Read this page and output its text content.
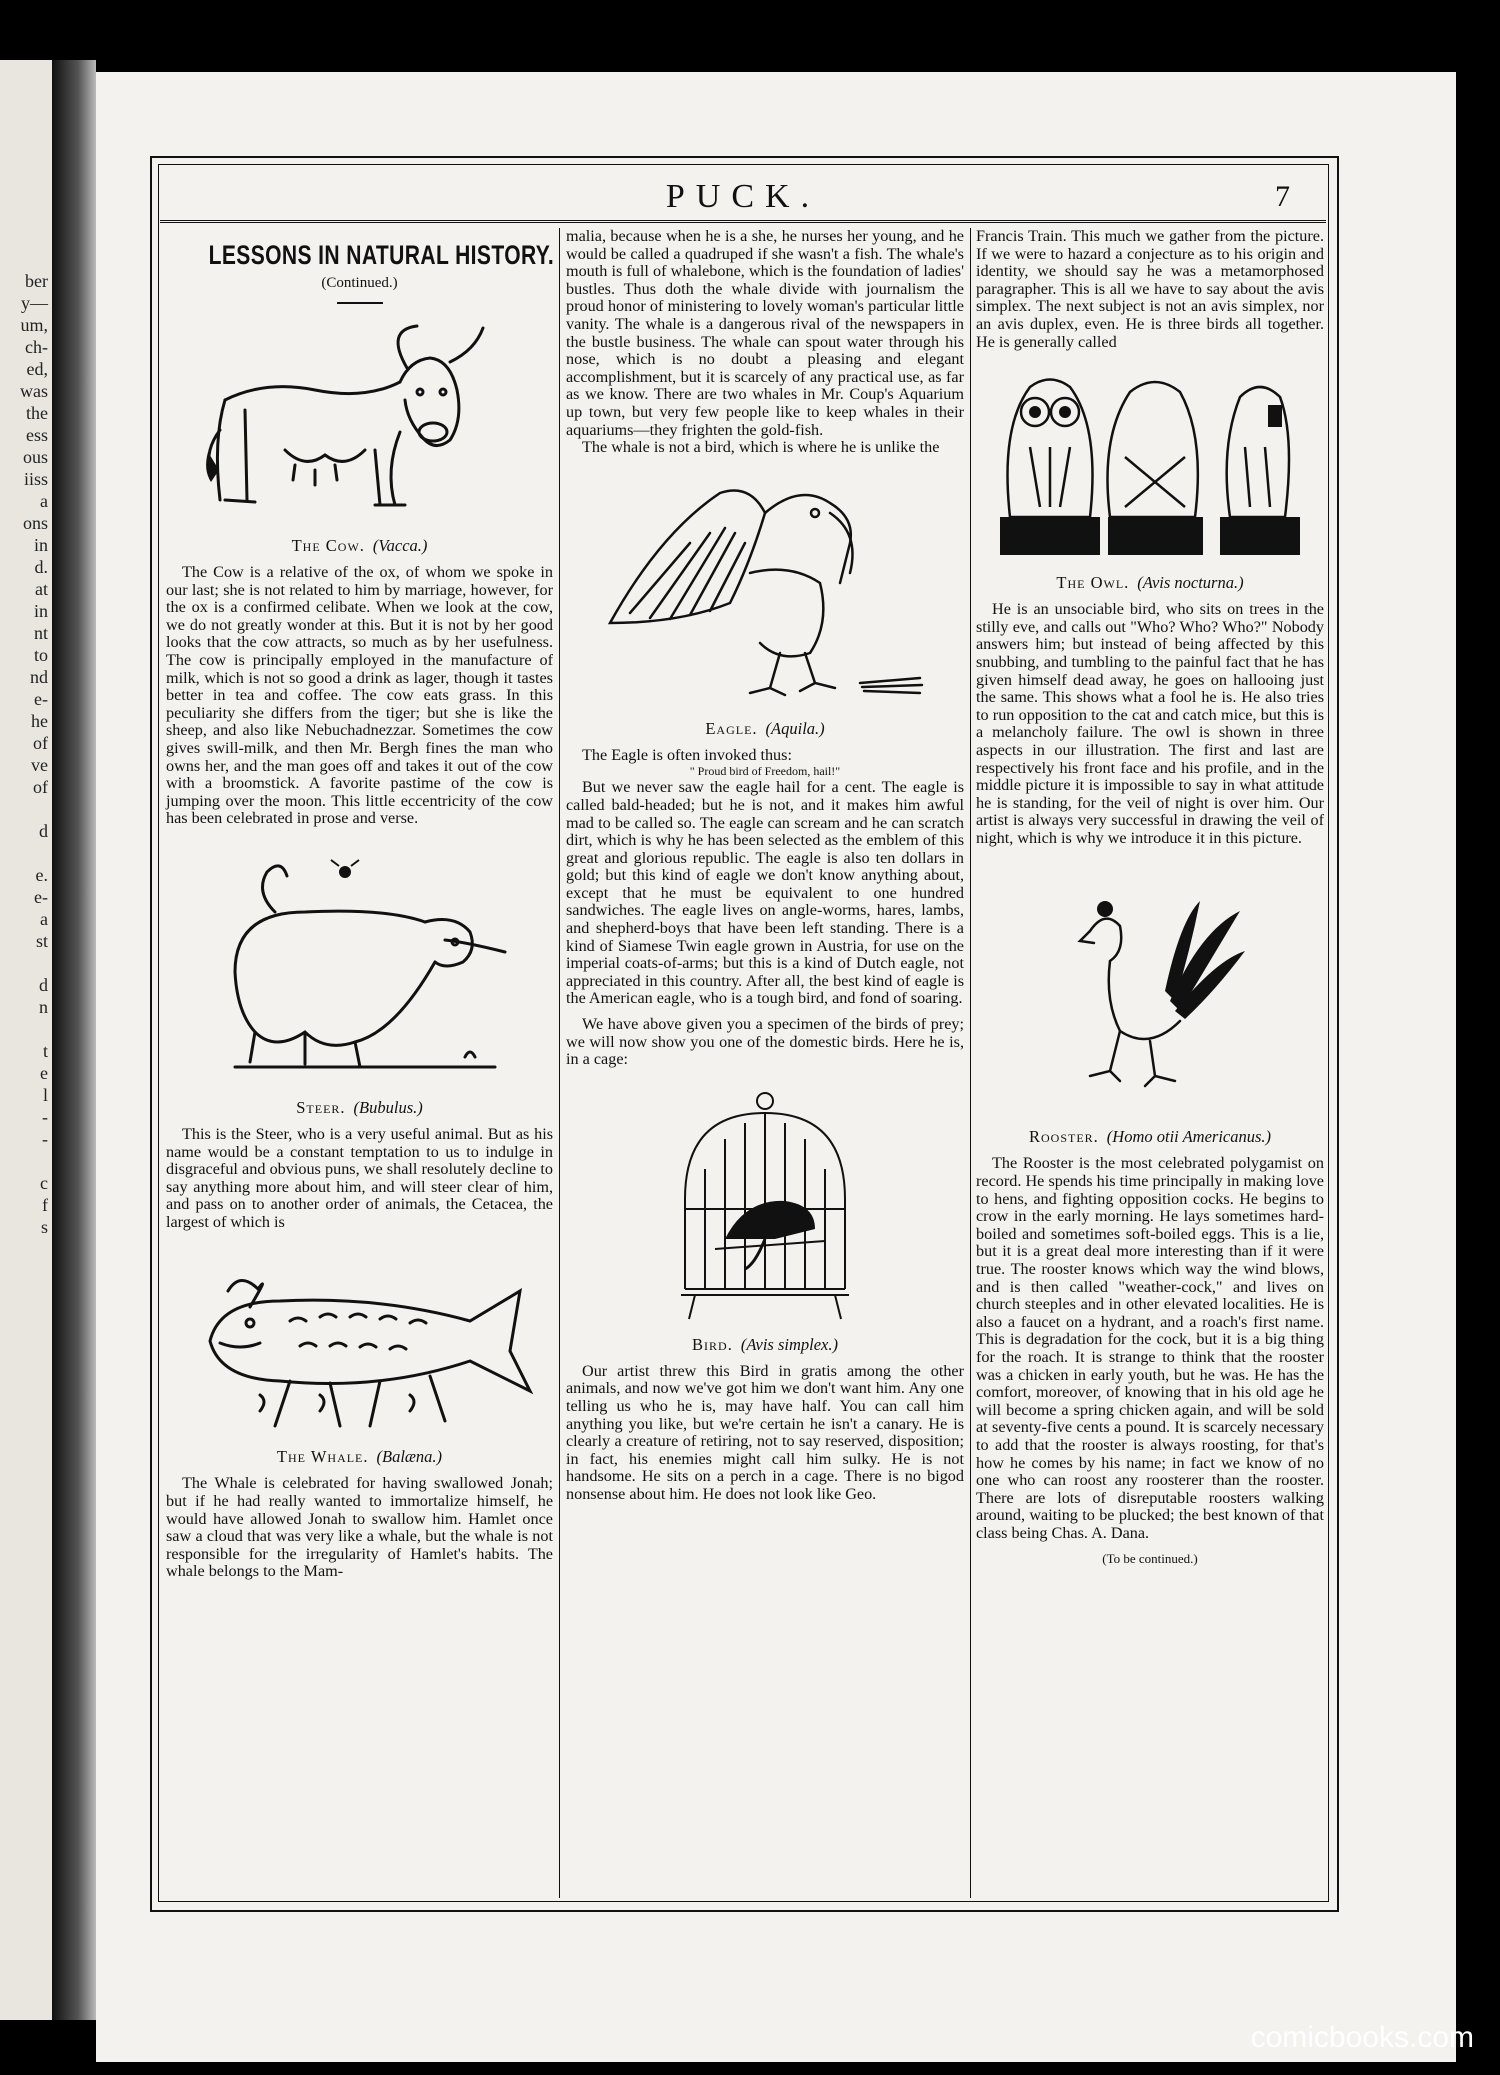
ber
y—
um,
ch-
ed,
was
the
ess
ous
iiss
a
ons
in
d.
at
in
nt
to
nd
e-
he
of
ve
of

d

e.
e-
a
st

d
n

t
e
l
-
-

c
f
s
PUCK.	7
LESSONS IN NATURAL HISTORY.
(Continued.)
The Cow. (Vacca.)

The Cow is a relative of the ox, of whom we spoke in our last; she is not related to him by marriage, however, for the ox is a confirmed celibate. When we look at the cow, we do not greatly wonder at this. But it is not by her good looks that the cow attracts, so much as by her usefulness. The cow is principally employed in the manufacture of milk, which is not so good a drink as lager, though it tastes better in tea and coffee. The cow eats grass. In this peculiarity she differs from the tiger; but she is like the sheep, and also like Nebuchadnezzar. Sometimes the cow gives swill-milk, and then Mr. Bergh fines the man who owns her, and the man goes off and takes it out of the cow with a broomstick. A favorite pastime of the cow is jumping over the moon. This little eccentricity of the cow has been celebrated in prose and verse.

Steer. (Bubulus.)

This is the Steer, who is a very useful animal. But as his name would be a constant temptation to us to indulge in disgraceful and obvious puns, we shall resolutely decline to say anything more about him, and will steer clear of him, and pass on to another order of animals, the Cetacea, the largest of which is

The Whale. (Balæna.)

The Whale is celebrated for having swallowed Jonah; but if he had really wanted to immortalize himself, he would have allowed Jonah to swallow him. Hamlet once saw a cloud that was very like a whale, but the whale is not responsible for the irregularity of Hamlet's habits. The whale belongs to the Mam-

malia, because when he is a she, he nurses her young, and he would be called a quadruped if she wasn't a fish. The whale's mouth is full of whalebone, which is the foundation of ladies' bustles. Thus doth the whale divide with journalism the proud honor of ministering to lovely woman's particular little vanity. The whale is a dangerous rival of the newspapers in the bustle business. The whale can spout water through his nose, which is no doubt a pleasing and elegant accomplishment, but it is scarcely of any practical use, as far as we know. There are two whales in Mr. Coup's Aquarium up town, but very few people like to keep whales in their aquariums—they frighten the gold-fish.

The whale is not a bird, which is where he is unlike the

Eagle. (Aquila.)

The Eagle is often invoked thus:

" Proud bird of Freedom, hail!"

But we never saw the eagle hail for a cent. The eagle is called bald-headed; but he is not, and it makes him awful mad to be called so. The eagle can scream and he can scratch dirt, which is why he has been selected as the emblem of this great and glorious republic. The eagle is also ten dollars in gold; but this kind of eagle we don't know anything about, except that he must be equivalent to one hundred sandwiches. The eagle lives on angle-worms, hares, lambs, and shepherd-boys that have been left standing. There is a kind of Siamese Twin eagle grown in Austria, for use on the imperial coats-of-arms; but this is a kind of Dutch eagle, not appreciated in this country. After all, the best kind of eagle is the American eagle, who is a tough bird, and fond of soaring.

We have above given you a specimen of the birds of prey; we will now show you one of the domestic birds. Here he is, in a cage:

Bird. (Avis simplex.)

Our artist threw this Bird in gratis among the other animals, and now we've got him we don't want him. Any one telling us who he is, may have half. You can call him anything you like, but we're certain he isn't a canary. He is clearly a creature of retiring, not to say reserved, disposition; in fact, his enemies might call him sulky. He is not handsome. He sits on a perch in a cage. There is no bigod nonsense about him. He does not look like Geo.

Francis Train. This much we gather from the picture. If we were to hazard a conjecture as to his origin and identity, we should say he was a metamorphosed paragrapher. This is all we have to say about the avis simplex. The next subject is not an avis simplex, nor an avis duplex, even. He is three birds all together. He is generally called

The Owl. (Avis nocturna.)

He is an unsociable bird, who sits on trees in the stilly eve, and calls out "Who? Who? Who?" Nobody answers him; but instead of being affected by this snubbing, and tumbling to the painful fact that he has given himself dead away, he goes on hallooing just the same. This shows what a fool he is. He also tries to run opposition to the cat and catch mice, but this is a melancholy failure. The owl is shown in three aspects in our illustration. The first and last are respectively his front face and his profile, and in the middle picture it is impossible to say in what attitude he is standing, for the veil of night is over him. Our artist is always very successful in drawing the veil of night, which is why we introduce it in this picture.

Rooster. (Homo otii Americanus.)

The Rooster is the most celebrated polygamist on record. He spends his time principally in making love to hens, and fighting opposition cocks. He begins to crow in the early morning. He lays sometimes hard-boiled and sometimes soft-boiled eggs. This is a lie, but it is a great deal more interesting than if it were true. The rooster knows which way the wind blows, and is then called "weather-cock," and lives on church steeples and in other elevated localities. He is also a faucet on a hydrant, and a roach's first name. This is degradation for the cock, but it is a big thing for the roach. It is strange to think that the rooster was a chicken in early youth, but he was. He has the comfort, moreover, of knowing that in his old age he will become a spring chicken again, and will be sold at seventy-five cents a pound. It is scarcely necessary to add that the rooster is always roosting, for that's how he comes by his name; in fact we know of no one who can roost any roosterer than the rooster. There are lots of disreputable roosters walking around, waiting to be plucked; the best known of that class being Chas. A. Dana.

(To be continued.)

comicbooks.com
